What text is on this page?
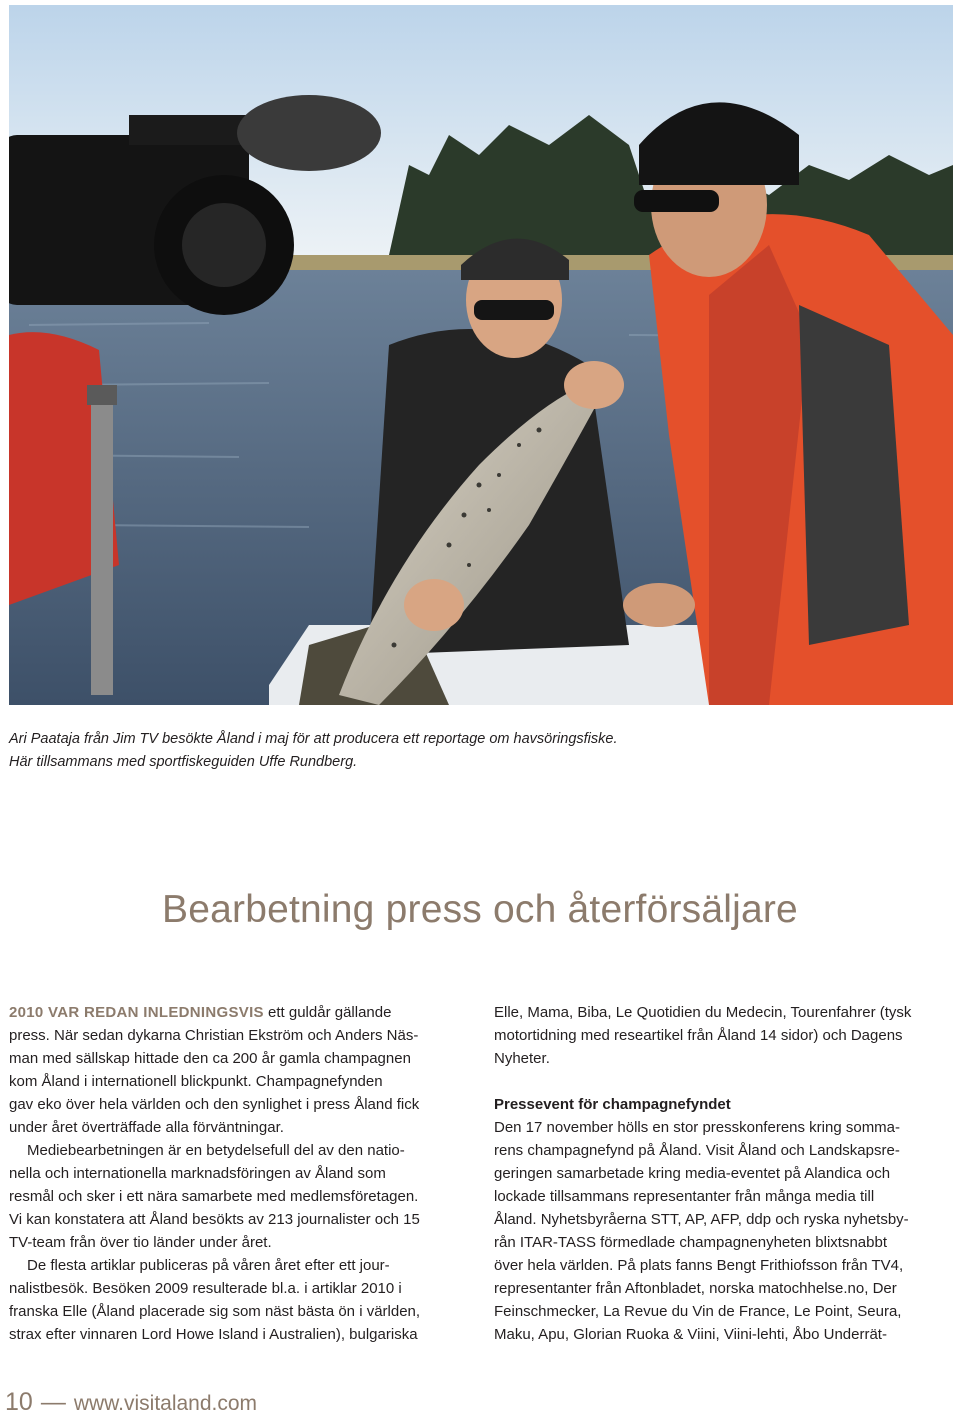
Ari Paataja från Jim TV besökte Åland i maj för att producera ett reportage om havsöringsfiske.
Här tillsammans med sportfiskeguiden Uffe Rundberg.
Bearbetning press och återförsäljare
2010 VAR REDAN INLEDNINGSVIS ett guldår gällande
press. När sedan dykarna Christian Ekström och Anders Näs-
man med sällskap hittade den ca 200 år gamla champagnen
kom Åland i internationell blickpunkt. Champagnefynden
gav eko över hela världen och den synlighet i press Åland fick
under året överträffade alla förväntningar.
Mediebearbetningen är en betydelsefull del av den natio-
nella och internationella marknadsföringen av Åland som
resmål och sker i ett nära samarbete med medlemsföretagen.
Vi kan konstatera att Åland besökts av 213 journalister och 15
TV-team från över tio länder under året.
De flesta artiklar publiceras på våren året efter ett jour-
nalistbesök. Besöken 2009 resulterade bl.a. i artiklar 2010 i
franska Elle (Åland placerade sig som näst bästa ön i världen,
strax efter vinnaren Lord Howe Island i Australien), bulgariska
Elle, Mama, Biba, Le Quotidien du Medecin, Tourenfahrer (tysk
motortidning med researtikel från Åland 14 sidor) och Dagens
Nyheter.
Pressevent för champagnefyndet
Den 17 november hölls en stor presskonferens kring somma-
rens champagnefynd på Åland. Visit Åland och Landskapsre-
geringen samarbetade kring media-eventet på Alandica och
lockade tillsammans representanter från många media till
Åland. Nyhetsbyråerna STT, AP, AFP, ddp och ryska nyhetsby-
rån ITAR-TASS förmedlade champagnenyheten blixtsnabbt
över hela världen. På plats fanns Bengt Frithiofsson från TV4,
representanter från Aftonbladet, norska matochhelse.no, Der
Feinschmecker, La Revue du Vin de France, Le Point, Seura,
Maku, Apu, Glorian Ruoka & Viini, Viini-lehti, Åbo Underrät-
10 — www.visitaland.com
